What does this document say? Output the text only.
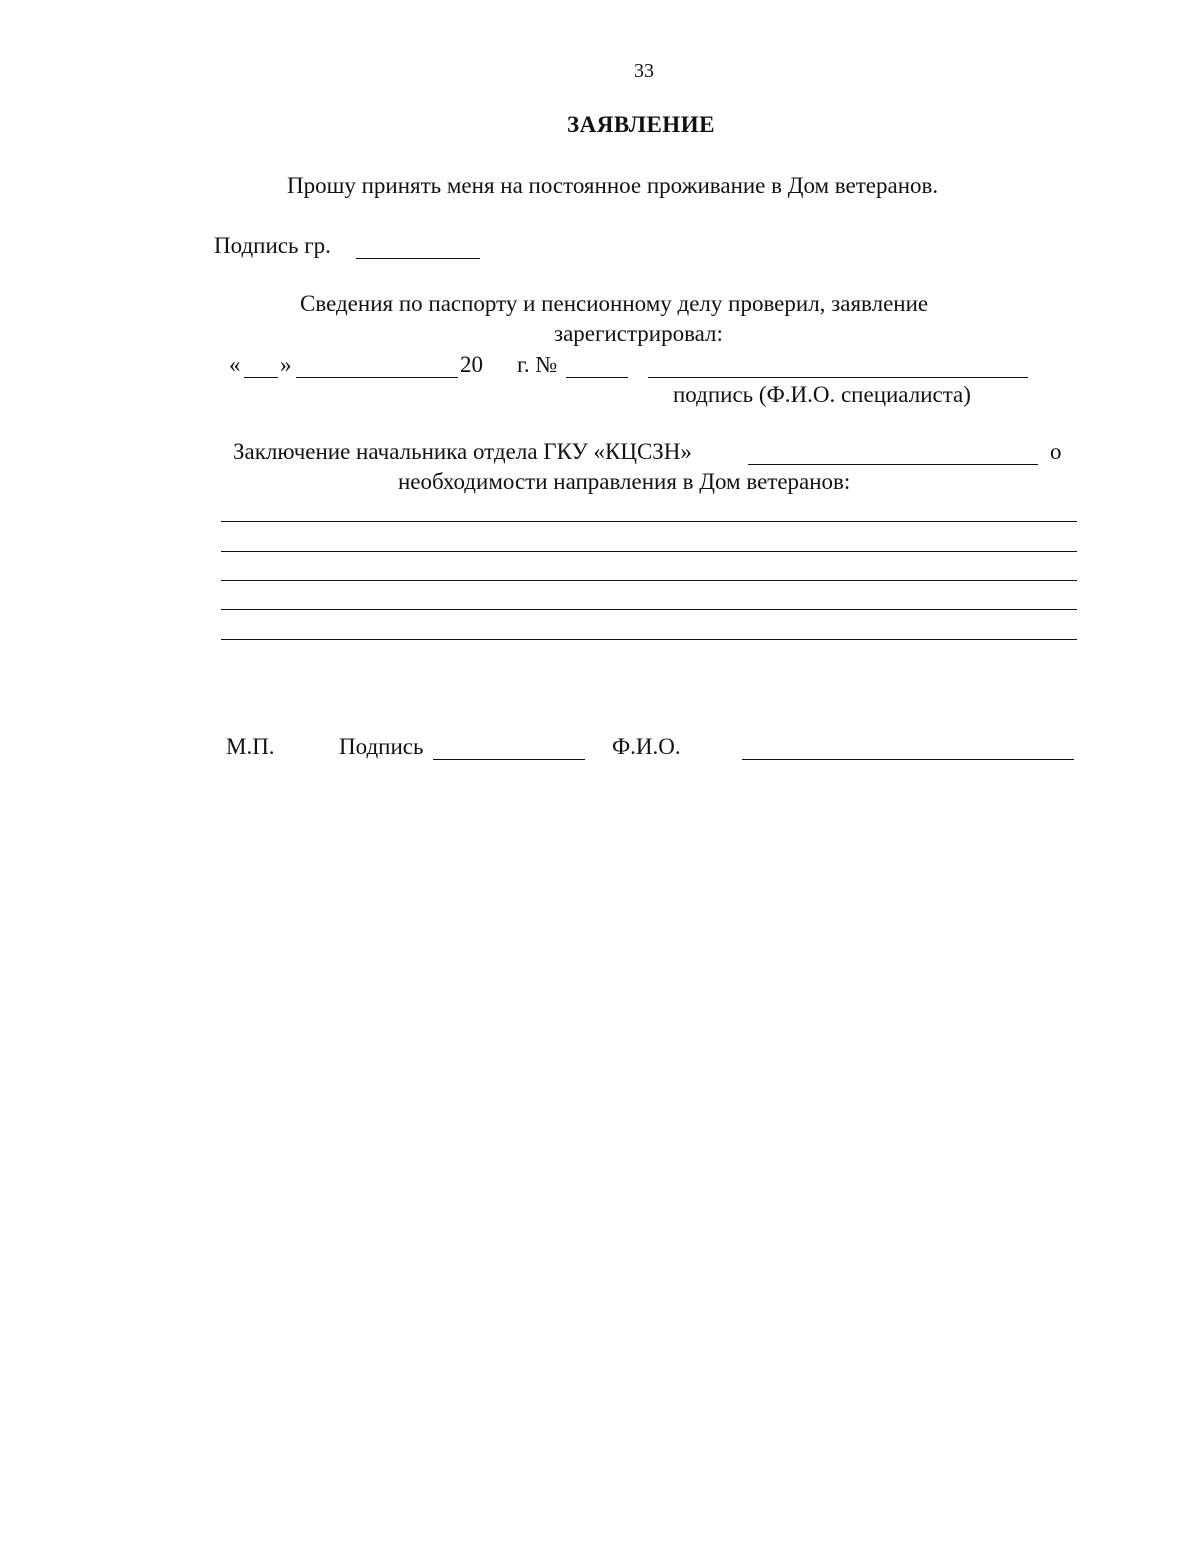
33
ЗАЯВЛЕНИЕ
Прошу принять меня на постоянное проживание в Дом ветеранов.
Подпись гр.
Сведения по паспорту и пенсионному делу проверил, заявление
зарегистрировал:
« »	20 г. №
подпись (Ф.И.О. специалиста)
Заключение начальника отдела ГКУ «КЦСЗН»	о
необходимости направления в Дом ветеранов:
М.П.	Подпись	Ф.И.О.
